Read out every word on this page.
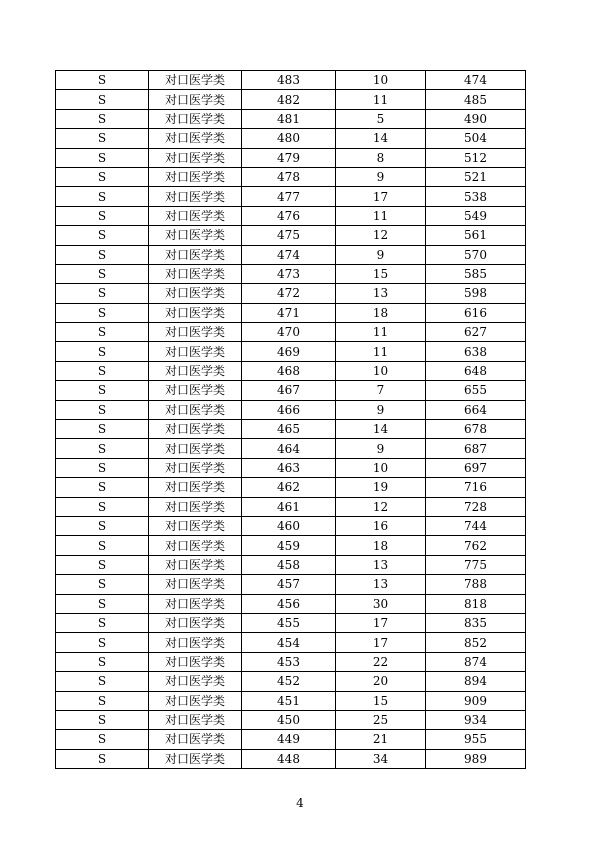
S	对口医学类	483	10	474
S	对口医学类	482	11	485
S	对口医学类	481	5	490
S	对口医学类	480	14	504
S	对口医学类	479	8	512
S	对口医学类	478	9	521
S	对口医学类	477	17	538
S	对口医学类	476	11	549
S	对口医学类	475	12	561
S	对口医学类	474	9	570
S	对口医学类	473	15	585
S	对口医学类	472	13	598
S	对口医学类	471	18	616
S	对口医学类	470	11	627
S	对口医学类	469	11	638
S	对口医学类	468	10	648
S	对口医学类	467	7	655
S	对口医学类	466	9	664
S	对口医学类	465	14	678
S	对口医学类	464	9	687
S	对口医学类	463	10	697
S	对口医学类	462	19	716
S	对口医学类	461	12	728
S	对口医学类	460	16	744
S	对口医学类	459	18	762
S	对口医学类	458	13	775
S	对口医学类	457	13	788
S	对口医学类	456	30	818
S	对口医学类	455	17	835
S	对口医学类	454	17	852
S	对口医学类	453	22	874
S	对口医学类	452	20	894
S	对口医学类	451	15	909
S	对口医学类	450	25	934
S	对口医学类	449	21	955
S	对口医学类	448	34	989
4
